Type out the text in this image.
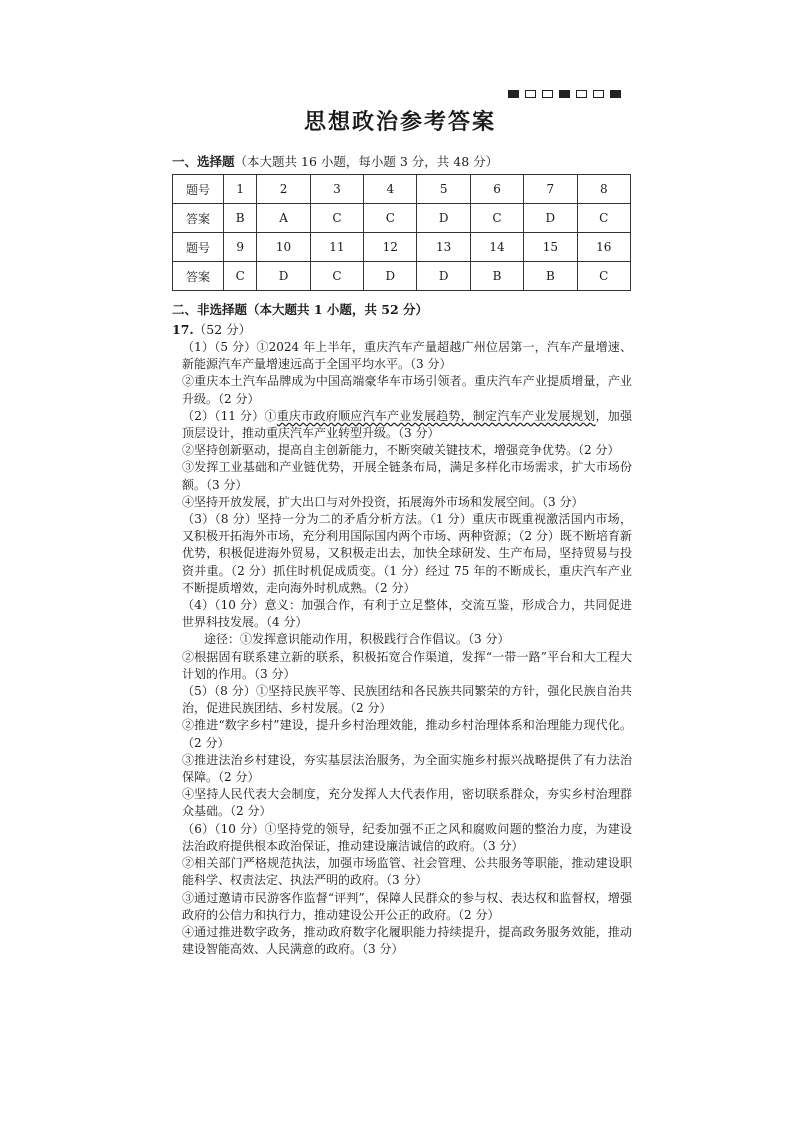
思想政治参考答案
一、选择题（本大题共 16 小题，每小题 3 分，共 48 分）
题号	1	2	3	4	5	6	7	8
答案	B	A	C	C	D	C	D	C
题号	9	10	11	12	13	14	15	16
答案	C	D	C	D	D	B	B	C
二、非选择题（本大题共 1 小题，共 52 分）
17.（52 分）

（1）（5 分）①2024 年上半年，重庆汽车产量超越广州位居第一，汽车产量增速、新能源汽车产量增速远高于全国平均水平。（3 分）

②重庆本土汽车品牌成为中国高端豪华车市场引领者。重庆汽车产业提质增量，产业升级。（2 分）

（2）（11 分）①重庆市政府顺应汽车产业发展趋势，制定汽车产业发展规划，加强顶层设计，推动重庆汽车产业转型升级。（3 分）

②坚持创新驱动，提高自主创新能力，不断突破关键技术，增强竞争优势。（2 分）

③发挥工业基础和产业链优势，开展全链条布局，满足多样化市场需求，扩大市场份额。（3 分）

④坚持开放发展，扩大出口与对外投资，拓展海外市场和发展空间。（3 分）

（3）（8 分）坚持一分为二的矛盾分析方法。（1 分）重庆市既重视激活国内市场，又积极开拓海外市场，充分利用国际国内两个市场、两种资源；（2 分）既不断培育新优势，积极促进海外贸易，又积极走出去，加快全球研发、生产布局，坚持贸易与投资并重。（2 分）抓住时机促成质变。（1 分）经过 75 年的不断成长，重庆汽车产业不断提质增效，走向海外时机成熟。（2 分）

（4）（10 分）意义：加强合作，有利于立足整体，交流互鉴，形成合力，共同促进世界科技发展。（4 分）

途径：①发挥意识能动作用，积极践行合作倡议。（3 分）

②根据固有联系建立新的联系，积极拓宽合作渠道，发挥“一带一路”平台和大工程大计划的作用。（3 分）

（5）（8 分）①坚持民族平等、民族团结和各民族共同繁荣的方针，强化民族自治共治，促进民族团结、乡村发展。（2 分）

②推进“数字乡村”建设，提升乡村治理效能，推动乡村治理体系和治理能力现代化。（2 分）

③推进法治乡村建设，夯实基层法治服务，为全面实施乡村振兴战略提供了有力法治保障。（2 分）

④坚持人民代表大会制度，充分发挥人大代表作用，密切联系群众，夯实乡村治理群众基础。（2 分）

（6）（10 分）①坚持党的领导，纪委加强不正之风和腐败问题的整治力度，为建设法治政府提供根本政治保证，推动建设廉洁诚信的政府。（3 分）

②相关部门严格规范执法，加强市场监管、社会管理、公共服务等职能，推动建设职能科学、权责法定、执法严明的政府。（3 分）

③通过邀请市民游客作监督“评判”，保障人民群众的参与权、表达权和监督权，增强政府的公信力和执行力，推动建设公开公正的政府。（2 分）

④通过推进数字政务，推动政府数字化履职能力持续提升，提高政务服务效能，推动建设智能高效、人民满意的政府。（3 分）
